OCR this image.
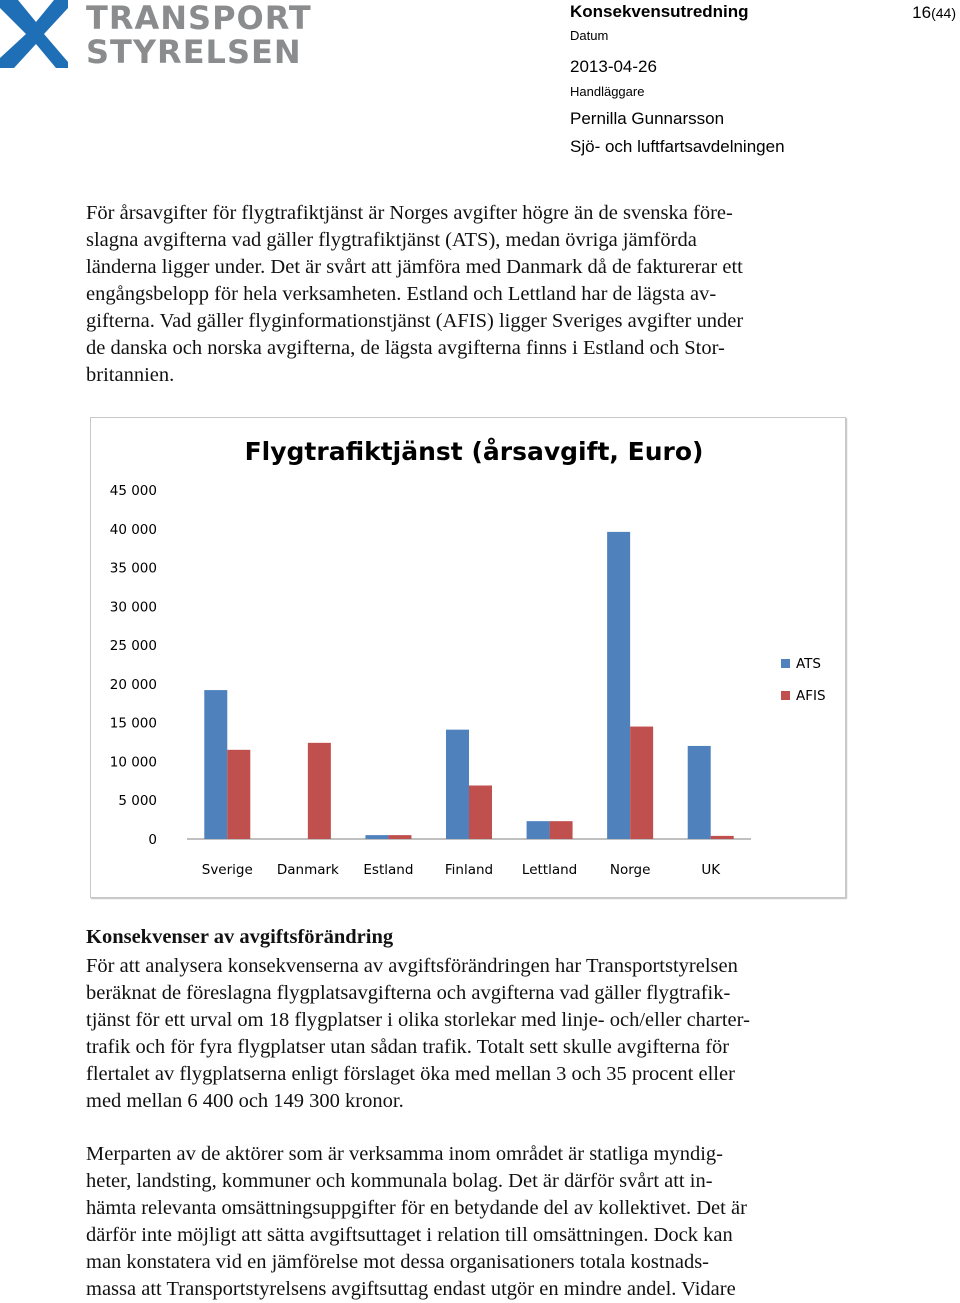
TRANSPORT
STYRELSEN
Konsekvensutredning	16(44)
Datum
2013-04-26
Handläggare
Pernilla Gunnarsson
Sjö- och luftfartsavdelningen

För årsavgifter för flygtrafiktjänst är Norges avgifter högre än de svenska före-
slagna avgifterna vad gäller flygtrafiktjänst (ATS), medan övriga jämförda
länderna ligger under. Det är svårt att jämföra med Danmark då de fakturerar ett
engångsbelopp för hela verksamheten. Estland och Lettland har de lägsta av-
gifterna. Vad gäller flyginformationstjänst (AFIS) ligger Sveriges avgifter under
de danska och norska avgifterna, de lägsta avgifterna finns i Estland och Stor-
britannien.

Flygtrafiktjänst (årsavgift, Euro)
0
5 000
10 000
15 000
20 000
25 000
30 000
35 000
40 000
45 000
Sverige Danmark Estland Finland Lettland Norge	UK
ATS
AFIS
Konsekvenser av avgiftsförändring

För att analysera konsekvenserna av avgiftsförändringen har Transportstyrelsen
beräknat de föreslagna flygplatsavgifterna och avgifterna vad gäller flygtrafik-
tjänst för ett urval om 18 flygplatser i olika storlekar med linje- och/eller charter-
trafik och för fyra flygplatser utan sådan trafik. Totalt sett skulle avgifterna för
flertalet av flygplatserna enligt förslaget öka med mellan 3 och 35 procent eller
med mellan 6 400 och 149 300 kronor.

Merparten av de aktörer som är verksamma inom området är statliga myndig-
heter, landsting, kommuner och kommunala bolag. Det är därför svårt att in-
hämta relevanta omsättningsuppgifter för en betydande del av kollektivet. Det är
därför inte möjligt att sätta avgiftsuttaget i relation till omsättningen. Dock kan
man konstatera vid en jämförelse mot dessa organisationers totala kostnads-
massa att Transportstyrelsens avgiftsuttag endast utgör en mindre andel. Vidare
